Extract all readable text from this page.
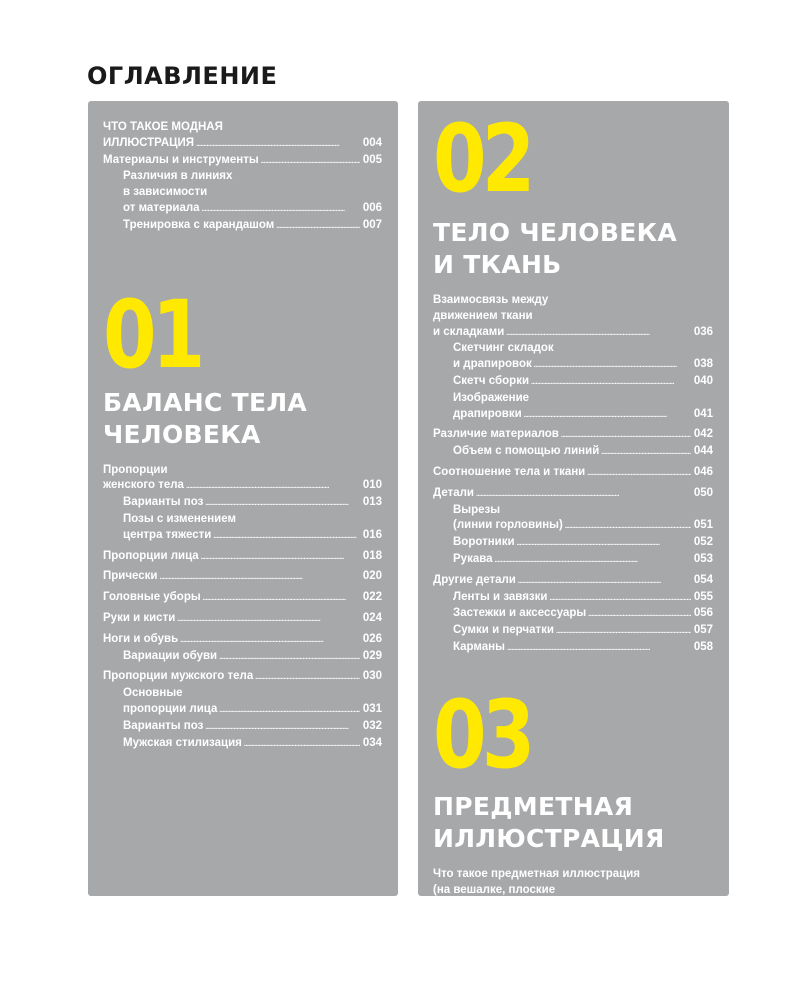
ОГЛАВЛЕНИЕ
ЧТО ТАКОЕ МОДНАЯ
ИЛЛЮСТРАЦИЯ . . .	004
Материалы и инструменты . . .	005
Различия в линиях
в зависимости
от материала . . .	006
Тренировка с карандашом . . .	007
01
БАЛАНС ТЕЛА
ЧЕЛОВЕКА
Пропорции
женского тела . . .	010
Варианты поз . . .	013
Позы с изменением
центра тяжести . . .	016
Пропорции лица . . .	018
Прически . . .	020
Головные уборы . . .	022
Руки и кисти . . .	024
Ноги и обувь . . .	026
Вариации обуви . . .	029
Пропорции мужского тела . . .	030
Основные
пропорции лица . . .	031
Варианты поз . . .	032
Мужская стилизация . . .	034
02
ТЕЛО ЧЕЛОВЕКА
И ТКАНЬ
Взаимосвязь между
движением ткани
и складками . . .	036
Скетчинг складок
и драпировок . . .	038
Скетч сборки . . .	040
Изображение
драпировки . . .	041
Различие материалов . . .	042
Объем с помощью линий . . .	044
Соотношение тела и ткани . . .	046
Детали . . .	050
Вырезы
(линии горловины) . . .	051
Воротники . . .	052
Рукава . . .	053
Другие детали . . .	054
Ленты и завязки . . .	055
Застежки и аксессуары . . .	056
Сумки и перчатки . . .	057
Карманы . . .	058
03
ПРЕДМЕТНАЯ
ИЛЛЮСТРАЦИЯ
Что такое предметная иллюстрация
(на вешалке, плоские
изображения, схемы) . . .	060
